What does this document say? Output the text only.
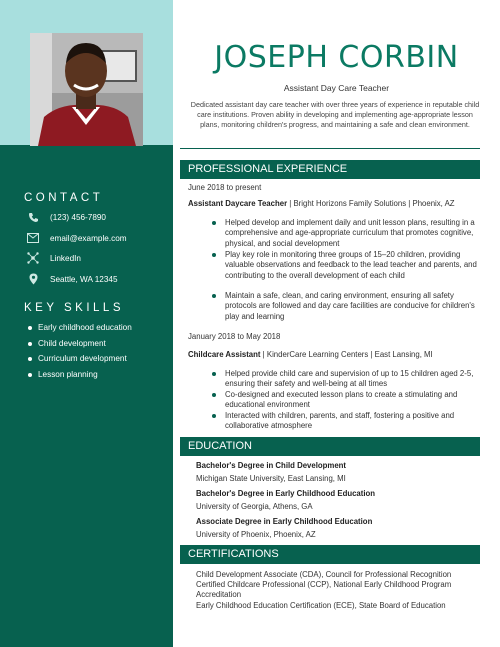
CONTACT
(123) 456-7890
email@example.com
LinkedIn
Seattle, WA 12345
KEY SKILLS
Early childhood education
Child development
Curriculum development
Lesson planning
JOSEPH CORBIN
Assistant Day Care Teacher
Dedicated assistant day care teacher with over three years of experience in reputable child care institutions. Proven ability in developing and implementing age-appropriate lesson plans, monitoring children's progress, and maintaining a safe and clean environment.
PROFESSIONAL EXPERIENCE
June 2018 to present
Assistant Daycare Teacher | Bright Horizons Family Solutions | Phoenix, AZ
Helped develop and implement daily and unit lesson plans, resulting in a comprehensive and age-appropriate curriculum that promotes cognitive, physical, and social development
Play key role in monitoring three groups of 15–20 children, providing valuable observations and feedback to the lead teacher and parents, and contributing to the overall development of each child
Maintain a safe, clean, and caring environment, ensuring all safety protocols are followed and day care facilities are conducive for children's play and learning
January 2018 to May 2018
Childcare Assistant | KinderCare Learning Centers | East Lansing, MI
Helped provide child care and supervision of up to 15 children aged 2-5, ensuring their safety and well-being at all times
Co-designed and executed lesson plans to create a stimulating and educational environment
Interacted with children, parents, and staff, fostering a positive and collaborative atmosphere
EDUCATION
Bachelor's Degree in Child Development
Michigan State University, East Lansing, MI
Bachelor's Degree in Early Childhood Education
University of Georgia, Athens, GA
Associate Degree in Early Childhood Education
University of Phoenix, Phoenix, AZ
CERTIFICATIONS
Child Development Associate (CDA), Council for Professional Recognition
Certified Childcare Professional (CCP), National Early Childhood Program Accreditation
Early Childhood Education Certification (ECE), State Board of Education
